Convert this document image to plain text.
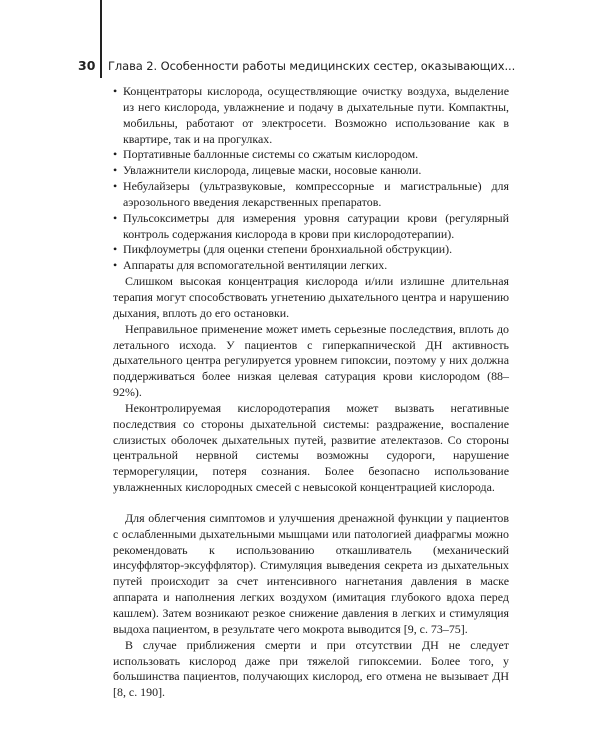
30 Глава 2. Особенности работы медицинских сестер, оказывающих...
• Концентраторы кислорода, осуществляющие очистку воздуха, выделение из него кислорода, увлажнение и подачу в дыхательные пути. Компактны, мобильны, работают от электросети. Возможно использование как в квартире, так и на прогулках.
• Портативные баллонные системы со сжатым кислородом.
• Увлажнители кислорода, лицевые маски, носовые канюли.
• Небулайзеры (ультразвуковые, компрессорные и магистральные) для аэрозольного введения лекарственных препаратов.
• Пульсоксиметры для измерения уровня сатурации крови (регулярный контроль содержания кислорода в крови при кислородотерапии).
• Пикфлоуметры (для оценки степени бронхиальной обструкции).
• Аппараты для вспомогательной вентиляции легких.

Слишком высокая концентрация кислорода и/или излишне длительная терапия могут способствовать угнетению дыхательного центра и нарушению дыхания, вплоть до его остановки.

Неправильное применение может иметь серьезные последствия, вплоть до летального исхода. У пациентов с гиперкапнической ДН активность дыхательного центра регулируется уровнем гипоксии, поэтому у них должна поддерживаться более низкая целевая сатурация крови кислородом (88–92%).

Неконтролируемая кислородотерапия может вызвать негативные последствия со стороны дыхательной системы: раздражение, воспаление слизистых оболочек дыхательных путей, развитие ателектазов. Со стороны центральной нервной системы возможны судороги, нарушение терморегуляции, потеря сознания. Более безопасно использование увлажненных кислородных смесей с невысокой концентрацией кислорода.

Для облегчения симптомов и улучшения дренажной функции у пациентов с ослабленными дыхательными мышцами или патологией диафрагмы можно рекомендовать к использованию откашливатель (механический инсуффлятор-эксуффлятор). Стимуляция выведения секрета из дыхательных путей происходит за счет интенсивного нагнетания давления в маске аппарата и наполнения легких воздухом (имитация глубокого вдоха перед кашлем). Затем возникают резкое снижение давления в легких и стимуляция выдоха пациентом, в результате чего мокрота выводится [9, с. 73–75].

В случае приближения смерти и при отсутствии ДН не следует использовать кислород даже при тяжелой гипоксемии. Более того, у большинства пациентов, получающих кислород, его отмена не вызывает ДН [8, с. 190].
